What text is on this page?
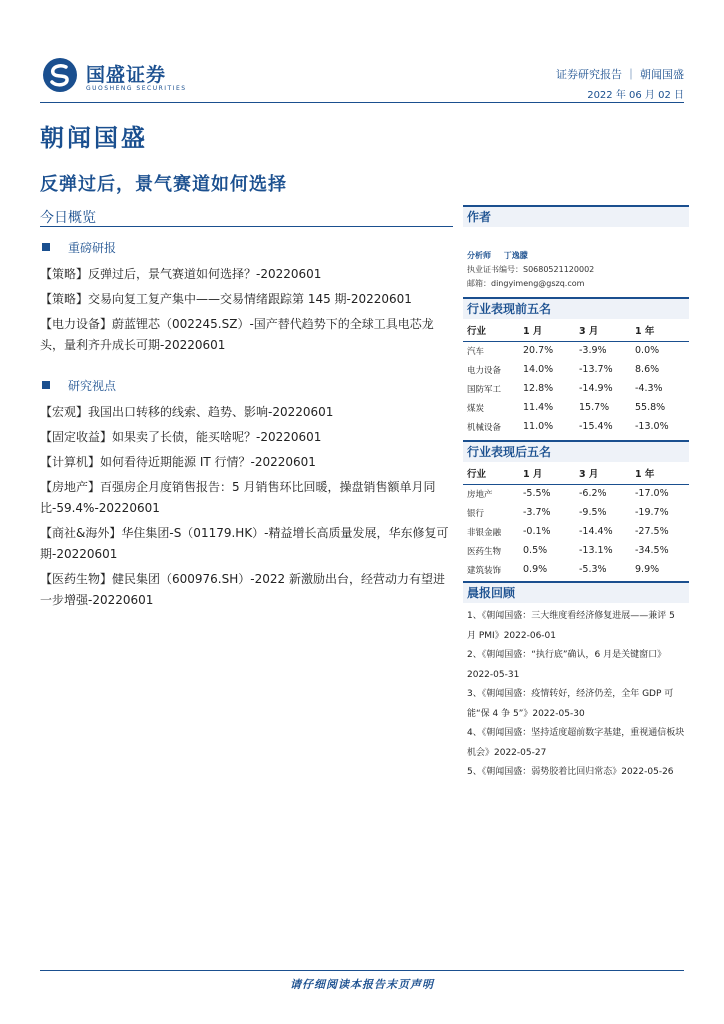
国盛证券
GUOSHENG SECURITIES
证券研究报告 ｜ 朝闻国盛
2022 年 06 月 02 日
朝闻国盛
反弹过后，景气赛道如何选择
今日概览
重磅研报

【策略】反弹过后，景气赛道如何选择？-20220601

【策略】交易向复工复产集中——交易情绪跟踪第 145 期-20220601

【电力设备】蔚蓝锂芯（002245.SZ）-国产替代趋势下的全球工具电芯龙头，量利齐升成长可期-20220601

研究视点

【宏观】我国出口转移的线索、趋势、影响-20220601

【固定收益】如果卖了长债，能买啥呢？-20220601

【计算机】如何看待近期能源 IT 行情？-20220601

【房地产】百强房企月度销售报告：5 月销售环比回暖，操盘销售额单月同比-59.4%-20220601

【商社&海外】华住集团-S（01179.HK）-精益增长高质量发展，华东修复可期-20220601

【医药生物】健民集团（600976.SH）-2022 新激励出台，经营动力有望进一步增强-20220601

作者
分析师 丁逸朦
执业证书编号：S0680521120002
邮箱：dingyimeng@gszq.com
行业表现前五名
行业	1 月	3 月	1 年
汽车	20.7%	-3.9%	0.0%
电力设备	14.0%	-13.7%	8.6%
国防军工	12.8%	-14.9%	-4.3%
煤炭	11.4%	15.7%	55.8%
机械设备	11.0%	-15.4%	-13.0%
行业表现后五名
行业	1 月	3 月	1 年
房地产	-5.5%	-6.2%	-17.0%
银行	-3.7%	-9.5%	-19.7%
非银金融	-0.1%	-14.4%	-27.5%
医药生物	0.5%	-13.1%	-34.5%
建筑装饰	0.9%	-5.3%	9.9%
晨报回顾

1、《朝闻国盛：三大维度看经济修复进展——兼评 5 月 PMI》2022-06-01

2、《朝闻国盛：“执行底”确认，6 月是关键窗口》2022-05-31

3、《朝闻国盛：疫情转好，经济仍差，全年 GDP 可能“保 4 争 5”》2022-05-30

4、《朝闻国盛：坚持适度超前数字基建，重视通信板块机会》2022-05-27

5、《朝闻国盛：弱势胶着比回归常态》2022-05-26

请仔细阅读本报告末页声明
